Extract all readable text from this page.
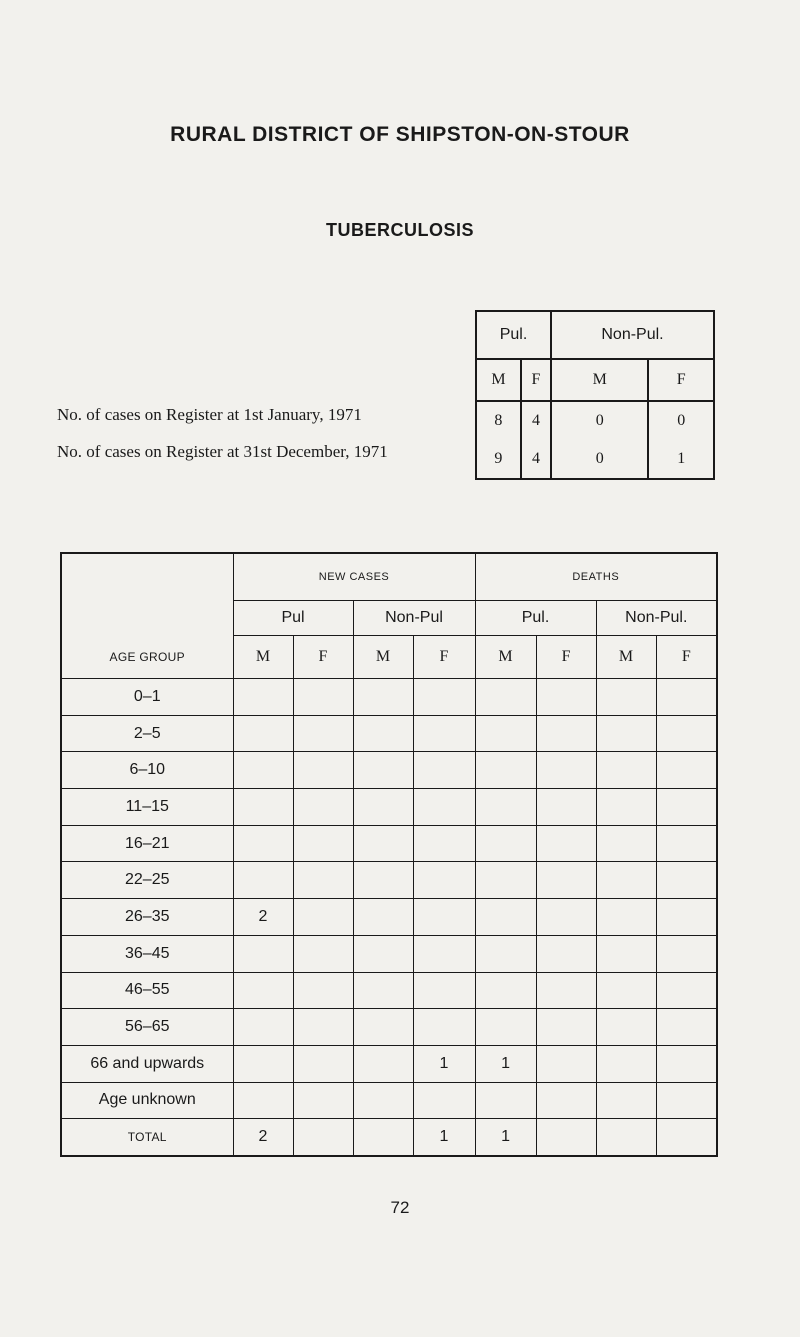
RURAL DISTRICT OF SHIPSTON-ON-STOUR
TUBERCULOSIS
No. of cases on Register at 1st January, 1971
No. of cases on Register at 31st December, 1971
Pul.		Non-Pul.	
M	F	M	F
8	4	0	0
9	4	0	1
	NEW CASES				DEATHS			
	Pul		Non-Pul		Pul.		Non-Pul.	
AGE GROUP	M	F	M	F	M	F	M	F
0–1								
2–5								
6–10								
11–15								
16–21								
22–25								
26–35	2							
36–45								
46–55								
56–65								
66 and upwards				1	1			
Age unknown								
TOTAL	2			1	1			
72
